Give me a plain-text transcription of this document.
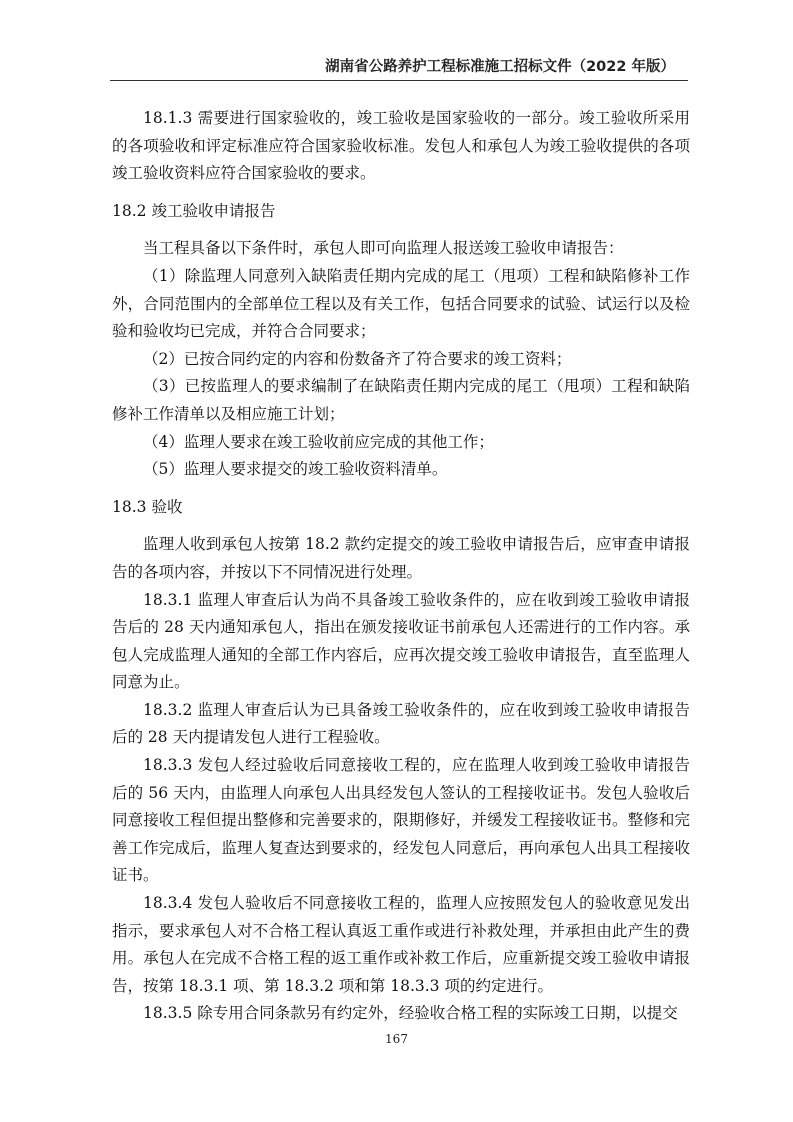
湖南省公路养护工程标准施工招标文件（2022 年版）

18.1.3 需要进行国家验收的，竣工验收是国家验收的一部分。竣工验收所采用的各项验收和评定标准应符合国家验收标准。发包人和承包人为竣工验收提供的各项竣工验收资料应符合国家验收的要求。

18.2 竣工验收申请报告

当工程具备以下条件时，承包人即可向监理人报送竣工验收申请报告：

（1）除监理人同意列入缺陷责任期内完成的尾工（甩项）工程和缺陷修补工作外，合同范围内的全部单位工程以及有关工作，包括合同要求的试验、试运行以及检验和验收均已完成，并符合合同要求；

（2）已按合同约定的内容和份数备齐了符合要求的竣工资料；

（3）已按监理人的要求编制了在缺陷责任期内完成的尾工（甩项）工程和缺陷修补工作清单以及相应施工计划；

（4）监理人要求在竣工验收前应完成的其他工作；

（5）监理人要求提交的竣工验收资料清单。

18.3 验收

监理人收到承包人按第 18.2 款约定提交的竣工验收申请报告后，应审查申请报告的各项内容，并按以下不同情况进行处理。

18.3.1 监理人审查后认为尚不具备竣工验收条件的，应在收到竣工验收申请报告后的 28 天内通知承包人，指出在颁发接收证书前承包人还需进行的工作内容。承包人完成监理人通知的全部工作内容后，应再次提交竣工验收申请报告，直至监理人同意为止。

18.3.2 监理人审查后认为已具备竣工验收条件的，应在收到竣工验收申请报告后的 28 天内提请发包人进行工程验收。

18.3.3 发包人经过验收后同意接收工程的，应在监理人收到竣工验收申请报告后的 56 天内，由监理人向承包人出具经发包人签认的工程接收证书。发包人验收后同意接收工程但提出整修和完善要求的，限期修好，并缓发工程接收证书。整修和完善工作完成后，监理人复查达到要求的，经发包人同意后，再向承包人出具工程接收证书。

18.3.4 发包人验收后不同意接收工程的，监理人应按照发包人的验收意见发出指示，要求承包人对不合格工程认真返工重作或进行补救处理，并承担由此产生的费用。承包人在完成不合格工程的返工重作或补救工作后，应重新提交竣工验收申请报告，按第 18.3.1 项、第 18.3.2 项和第 18.3.3 项的约定进行。

18.3.5 除专用合同条款另有约定外，经验收合格工程的实际竣工日期，以提交

167
